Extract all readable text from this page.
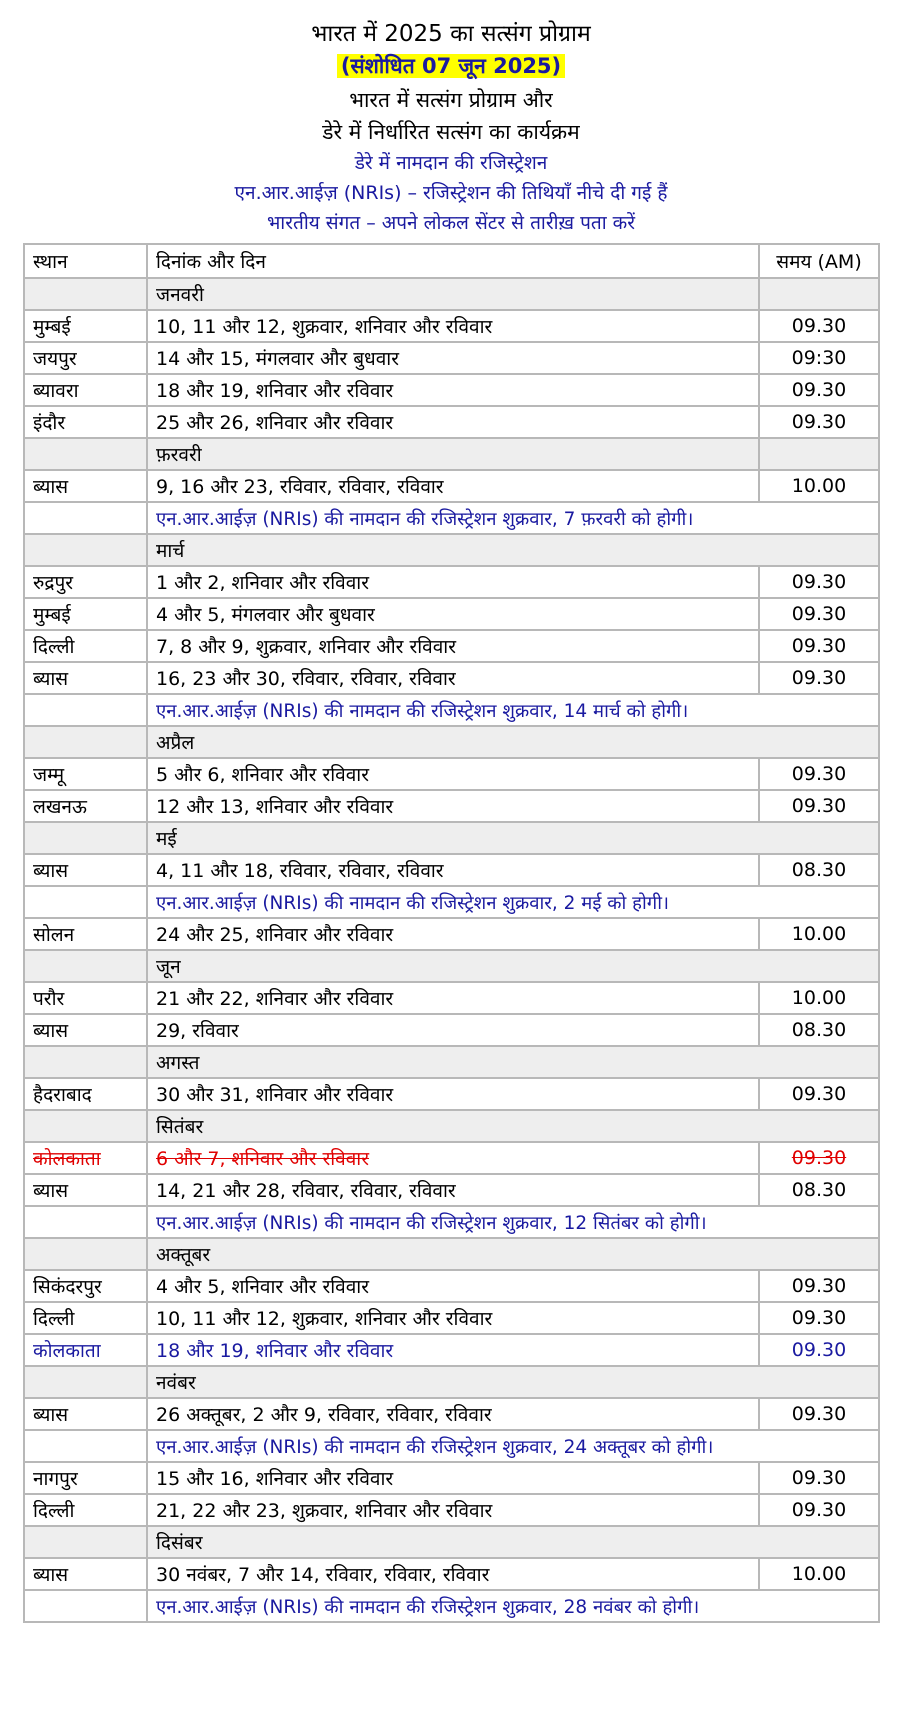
भारत में 2025 का सत्संग प्रोग्राम
(संशोधित 07 जून 2025)
भारत में सत्संग प्रोग्राम और
डेरे में निर्धारित सत्संग का कार्यक्रम
डेरे में नामदान की रजिस्ट्रेशन
एन.आर.आईज़ (NRIs) – रजिस्ट्रेशन की तिथियाँ नीचे दी गई हैं
भारतीय संगत – अपने लोकल सेंटर से तारीख़ पता करें
स्थान	दिनांक और दिन	समय (AM)
	जनवरी	
मुम्बई	10, 11 और 12, शुक्रवार, शनिवार और रविवार	09.30
जयपुर	14 और 15, मंगलवार और बुधवार	09:30
ब्यावरा	18 और 19, शनिवार और रविवार	09.30
इंदौर	25 और 26, शनिवार और रविवार	09.30
	फ़रवरी	
ब्यास	9, 16 और 23, रविवार, रविवार, रविवार	10.00
	एन.आर.आईज़ (NRIs) की नामदान की रजिस्ट्रेशन शुक्रवार, 7 फ़रवरी को होगी।	
	मार्च	
रुद्रपुर	1 और 2, शनिवार और रविवार	09.30
मुम्बई	4 और 5, मंगलवार और बुधवार	09.30
दिल्ली	7, 8 और 9, शुक्रवार, शनिवार और रविवार	09.30
ब्यास	16, 23 और 30, रविवार, रविवार, रविवार	09.30
	एन.आर.आईज़ (NRIs) की नामदान की रजिस्ट्रेशन शुक्रवार, 14 मार्च को होगी।	
	अप्रैल	
जम्मू	5 और 6, शनिवार और रविवार	09.30
लखनऊ	12 और 13, शनिवार और रविवार	09.30
	मई	
ब्यास	4, 11 और 18, रविवार, रविवार, रविवार	08.30
	एन.आर.आईज़ (NRIs) की नामदान की रजिस्ट्रेशन शुक्रवार, 2 मई को होगी।	
सोलन	24 और 25, शनिवार और रविवार	10.00
	जून	
परौर	21 और 22, शनिवार और रविवार	10.00
ब्यास	29, रविवार	08.30
	अगस्त	
हैदराबाद	30 और 31, शनिवार और रविवार	09.30
	सितंबर	
कोलकाता	6 और 7, शनिवार और रविवार	09.30
ब्यास	14, 21 और 28, रविवार, रविवार, रविवार	08.30
	एन.आर.आईज़ (NRIs) की नामदान की रजिस्ट्रेशन शुक्रवार, 12 सितंबर को होगी।	
	अक्तूबर	
सिकंदरपुर	4 और 5, शनिवार और रविवार	09.30
दिल्ली	10, 11 और 12, शुक्रवार, शनिवार और रविवार	09.30
कोलकाता	18 और 19, शनिवार और रविवार	09.30
	नवंबर	
ब्यास	26 अक्तूबर, 2 और 9, रविवार, रविवार, रविवार	09.30
	एन.आर.आईज़ (NRIs) की नामदान की रजिस्ट्रेशन शुक्रवार, 24 अक्तूबर को होगी।	
नागपुर	15 और 16, शनिवार और रविवार	09.30
दिल्ली	21, 22 और 23, शुक्रवार, शनिवार और रविवार	09.30
	दिसंबर	
ब्यास	30 नवंबर, 7 और 14, रविवार, रविवार, रविवार	10.00
	एन.आर.आईज़ (NRIs) की नामदान की रजिस्ट्रेशन शुक्रवार, 28 नवंबर को होगी।	
